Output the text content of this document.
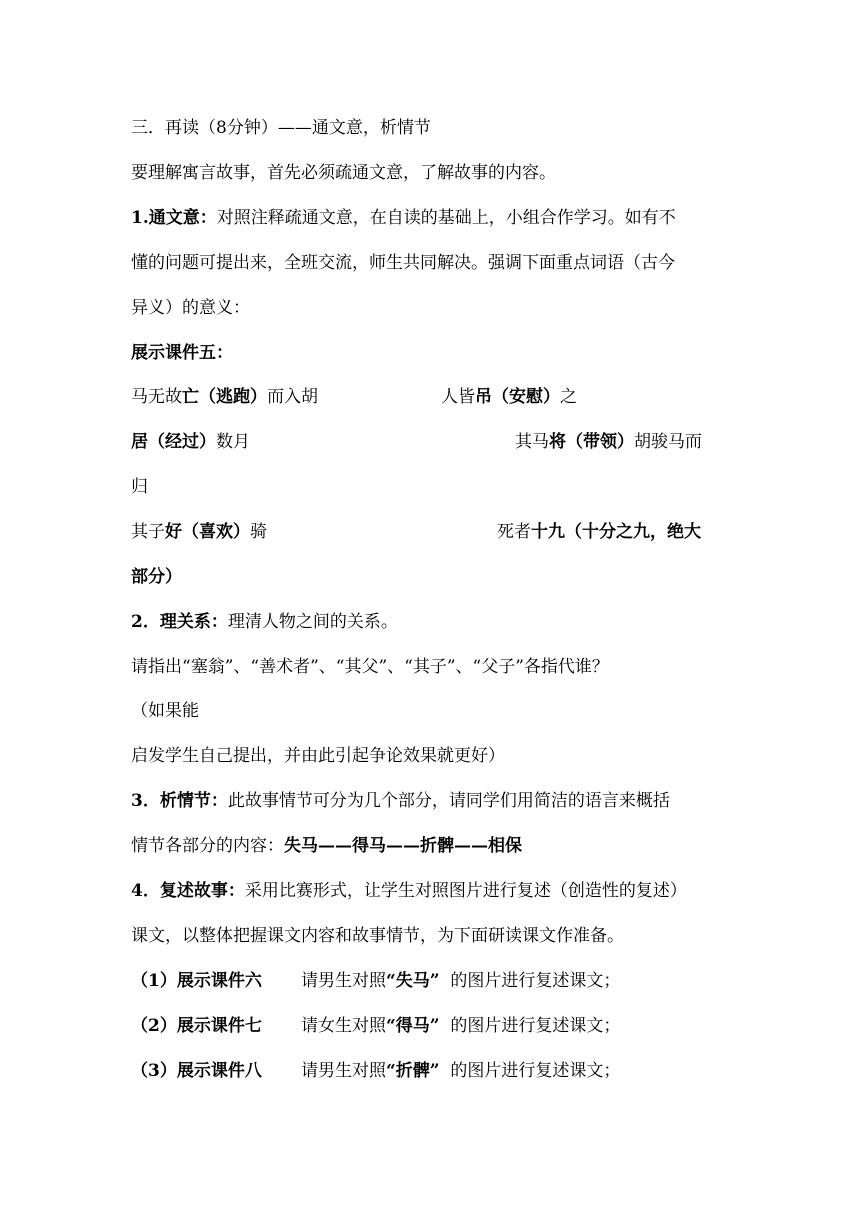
三．再读（8分钟）——通文意，析情节
要理解寓言故事，首先必须疏通文意，了解故事的内容。
1.通文意：对照注释疏通文意，在自读的基础上，小组合作学习。如有不
懂的问题可提出来，全班交流，师生共同解决。强调下面重点词语（古今
异义）的意义：
展示课件五：
马无故亡（逃跑）而入胡	人皆吊（安慰）之
居（经过）数月	其马将（带领）胡骏马而
归
其子好（喜欢）骑	死者十九（十分之九，绝大
部分）
2．理关系：理清人物之间的关系。
请指出“塞翁”、“善术者”、“其父”、“其子”、“父子”各指代谁？
（如果能
启发学生自己提出，并由此引起争论效果就更好）
3．析情节：此故事情节可分为几个部分，请同学们用简洁的语言来概括
情节各部分的内容：失马——得马——折髀——相保
4．复述故事：采用比赛形式，让学生对照图片进行复述（创造性的复述）
课文，以整体把握课文内容和故事情节，为下面研读课文作准备。
（1）展示课件六 请男生对照“失马” 的图片进行复述课文；
（2）展示课件七 请女生对照“得马” 的图片进行复述课文；
（3）展示课件八 请男生对照“折髀” 的图片进行复述课文；
